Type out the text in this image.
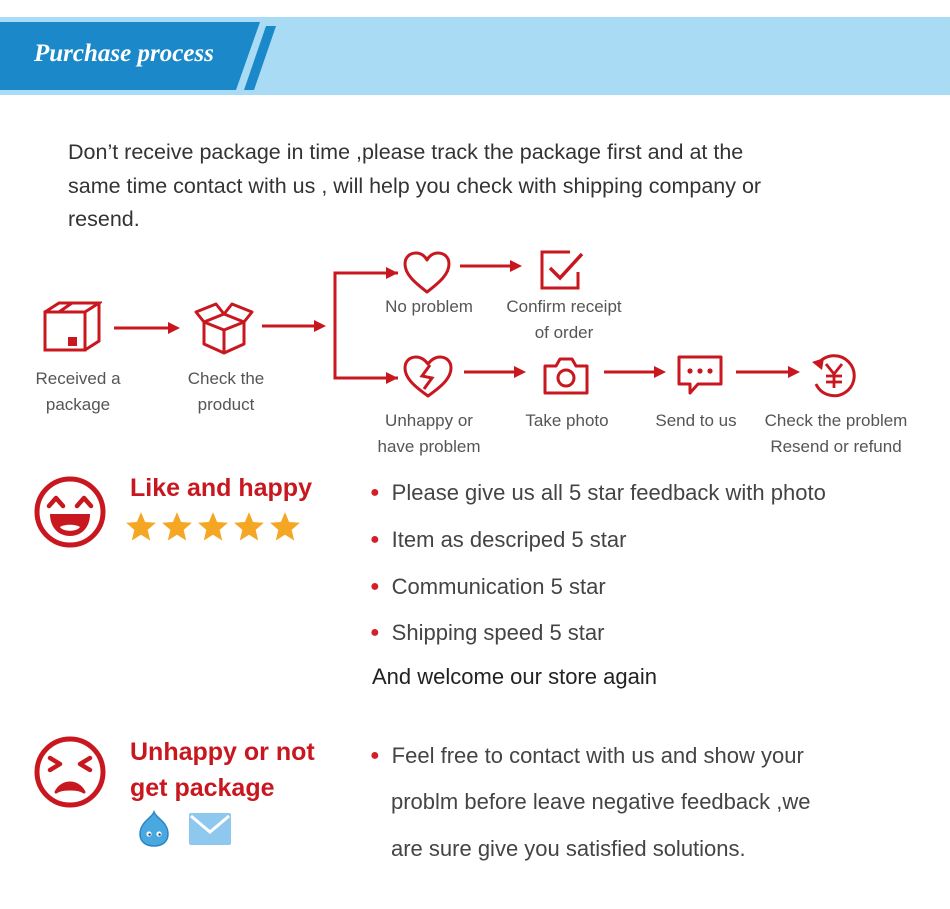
Purchase process
Don’t receive package in time ,please track the package first and at the same time contact with us , will help you check with shipping company or resend.
Received a
package
Check the
product
No problem	Confirm receipt
of order
Unhappy or
have problem
Take photo	Send to us	Check the problem
Resend or refund
Like and happy	● Please give us all 5 star feedback with photo
● Item as descriped 5 star
● Communication 5 star
● Shipping speed 5 star
And welcome our store again
Unhappy or not
get package
● Feel free to contact with us and show your
problm before leave negative feedback ,we
are sure give you satisfied solutions.
